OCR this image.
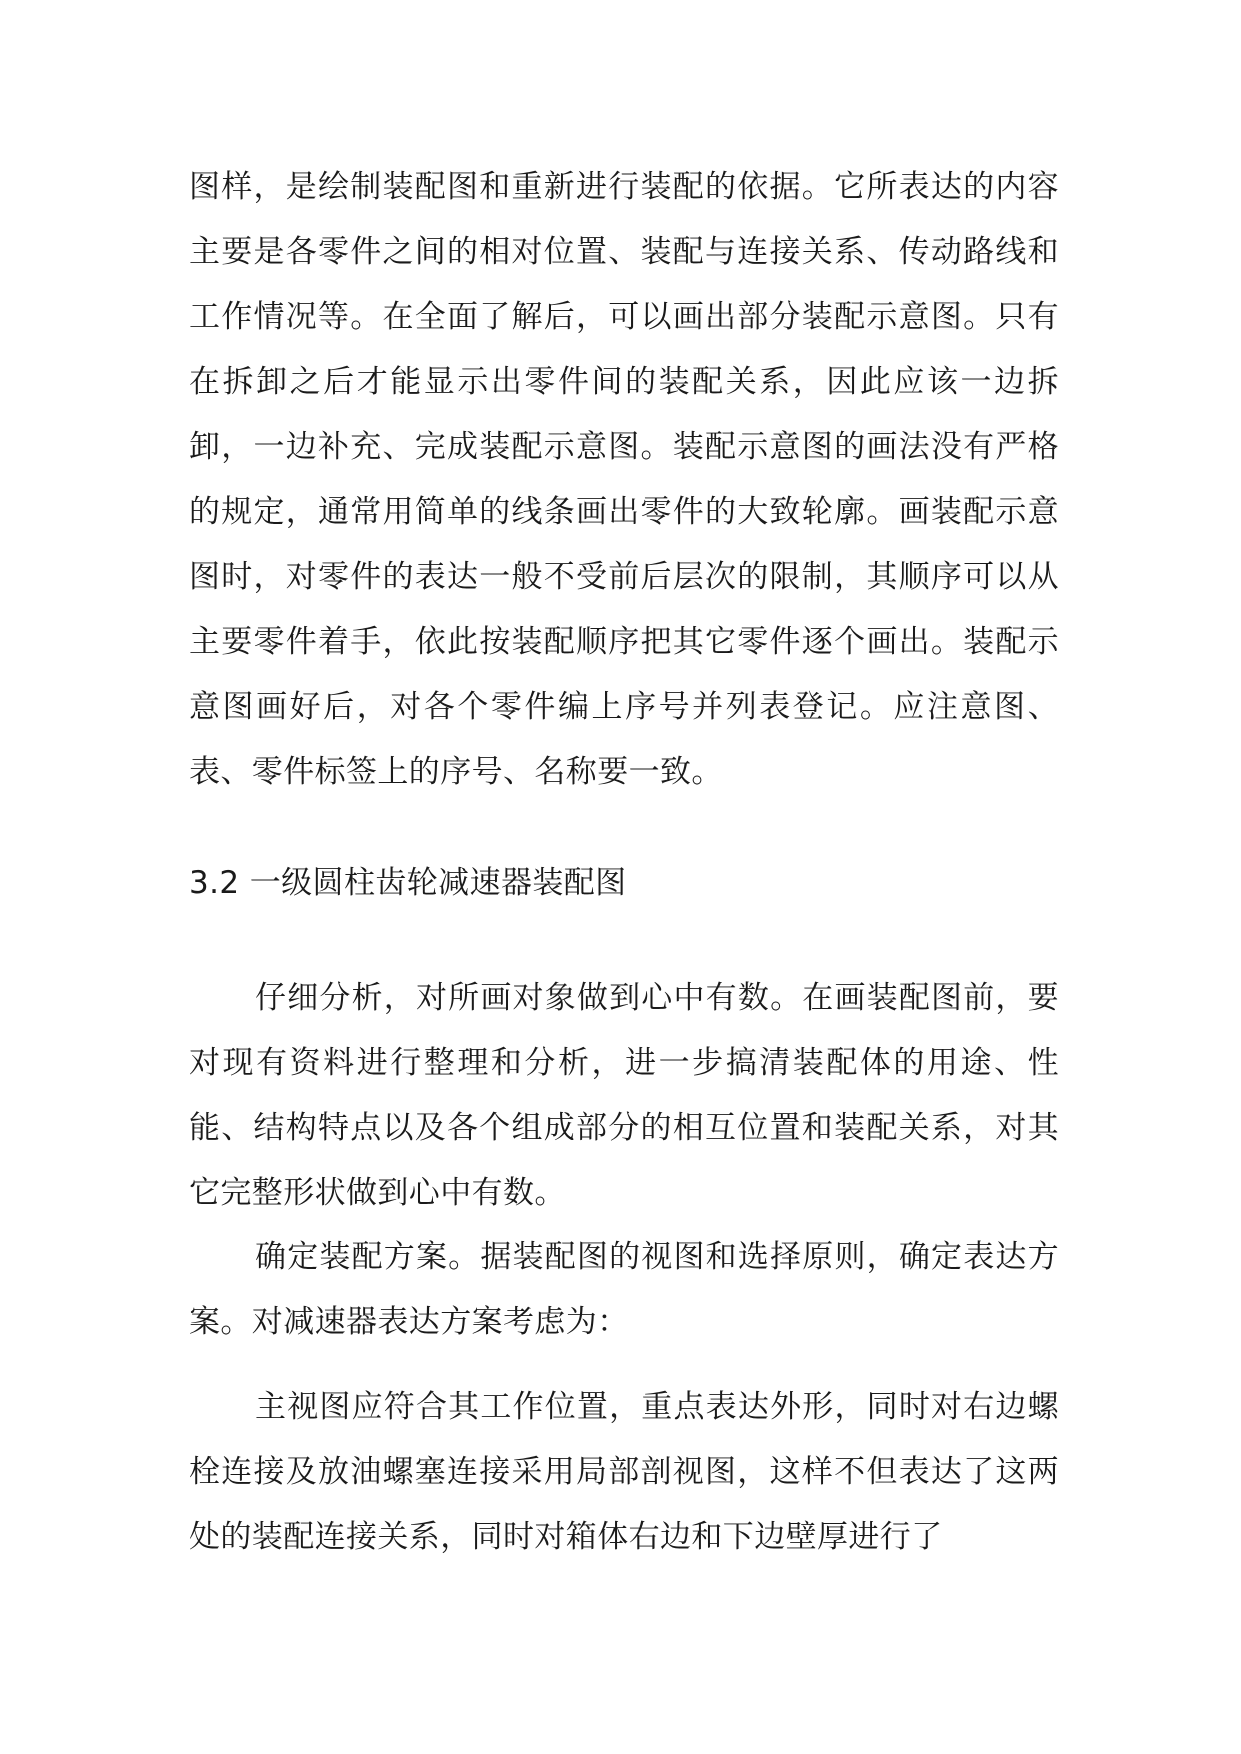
图样，是绘制装配图和重新进行装配的依据。它所表达的内容主要是各零件之间的相对位置、装配与连接关系、传动路线和工作情况等。在全面了解后，可以画出部分装配示意图。只有在拆卸之后才能显示出零件间的装配关系，因此应该一边拆卸，一边补充、完成装配示意图。装配示意图的画法没有严格的规定，通常用简单的线条画出零件的大致轮廓。画装配示意图时，对零件的表达一般不受前后层次的限制，其顺序可以从主要零件着手，依此按装配顺序把其它零件逐个画出。装配示意图画好后，对各个零件编上序号并列表登记。应注意图、表、零件标签上的序号、名称要一致。

3.2 一级圆柱齿轮减速器装配图

仔细分析，对所画对象做到心中有数。在画装配图前，要对现有资料进行整理和分析，进一步搞清装配体的用途、性能、结构特点以及各个组成部分的相互位置和装配关系，对其它完整形状做到心中有数。

确定装配方案。据装配图的视图和选择原则，确定表达方案。对减速器表达方案考虑为：

主视图应符合其工作位置，重点表达外形，同时对右边螺栓连接及放油螺塞连接采用局部剖视图，这样不但表达了这两处的装配连接关系，同时对箱体右边和下边壁厚进行了
